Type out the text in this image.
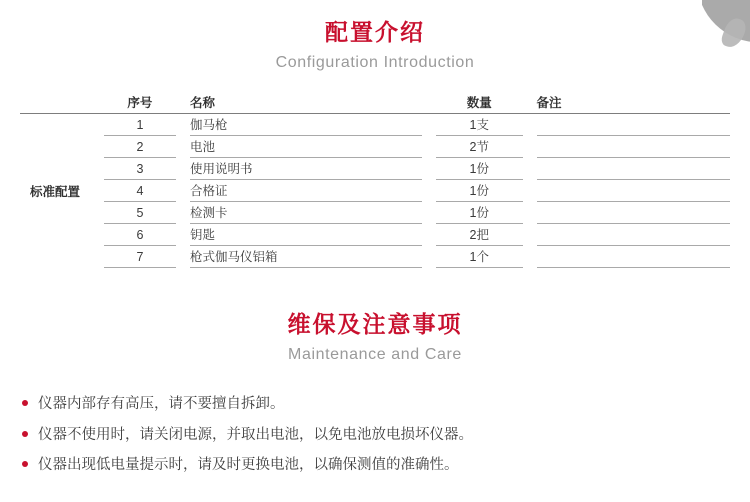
配置介绍
Configuration Introduction

		序号		名称		数量		备注

标准配置		1		伽马枪		1支		

		2		电池		2节		

		3		使用说明书		1份		

		4		合格证		1份		

		5		检测卡		1份		

		6		钥匙		2把		

		7		枪式伽马仪铝箱		1个		

维保及注意事项
Maintenance and Care
仪器内部存有高压，请不要擅自拆卸。
仪器不使用时，请关闭电源，并取出电池，以免电池放电损坏仪器。
仪器出现低电量提示时，请及时更换电池，以确保测值的准确性。
